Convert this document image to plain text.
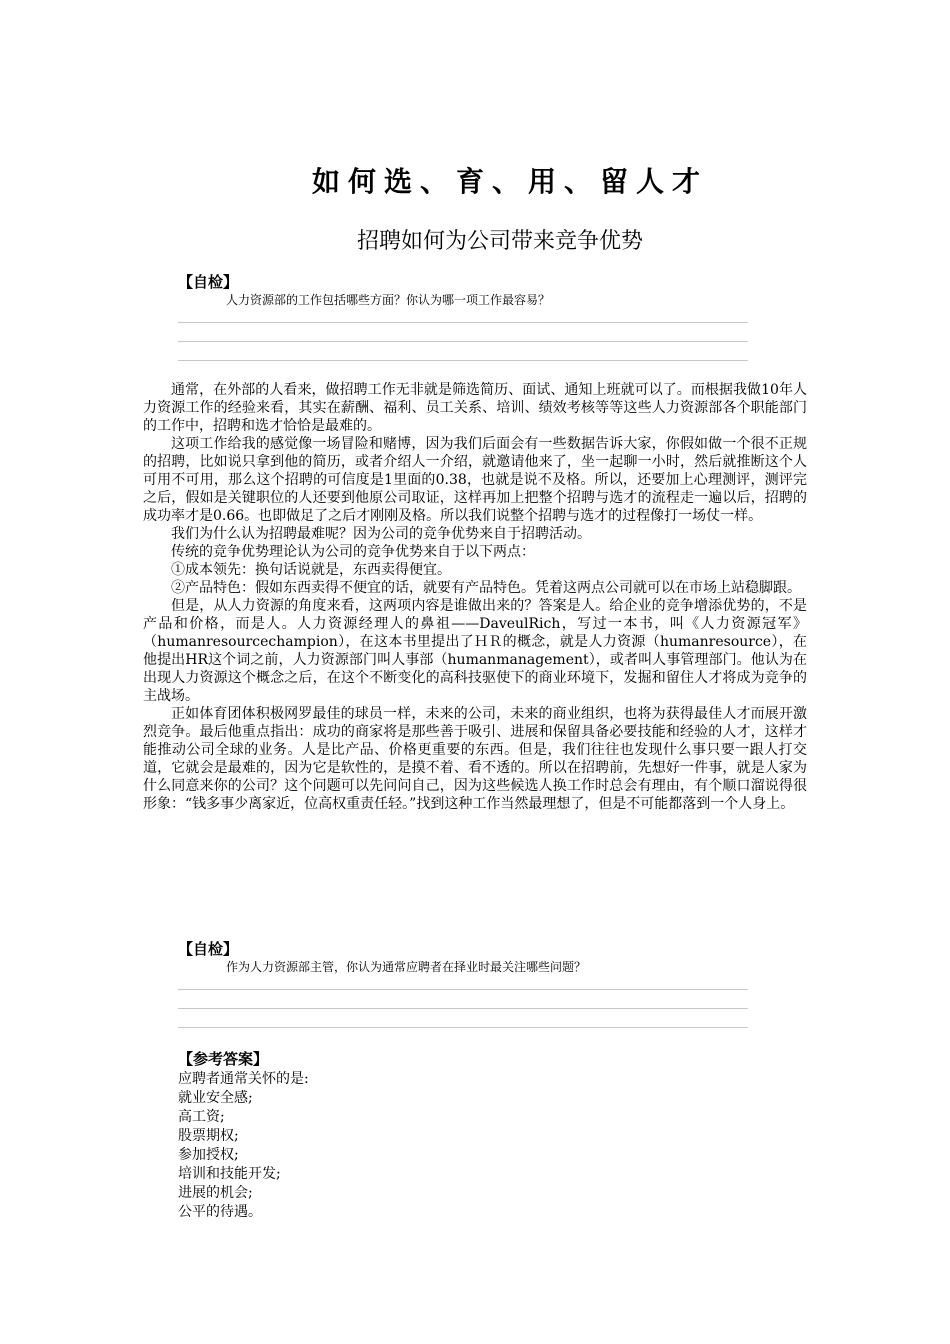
如何选、育、用、留人才
招聘如何为公司带来竞争优势
【自检】
人力资源部的工作包括哪些方面？你认为哪一项工作最容易？

通常，在外部的人看来，做招聘工作无非就是筛选简历、面试、通知上班就可以了。而根据我做10年人力资源工作的经验来看，其实在薪酬、福利、员工关系、培训、绩效考核等等这些人力资源部各个职能部门的工作中，招聘和选才恰恰是最难的。

这项工作给我的感觉像一场冒险和赌博，因为我们后面会有一些数据告诉大家，你假如做一个很不正规的招聘，比如说只拿到他的简历，或者介绍人一介绍，就邀请他来了，坐一起聊一小时，然后就推断这个人可用不可用，那么这个招聘的可信度是1里面的0.38，也就是说不及格。所以，还要加上心理测评，测评完之后，假如是关键职位的人还要到他原公司取证，这样再加上把整个招聘与选才的流程走一遍以后，招聘的成功率才是0.66。也即做足了之后才刚刚及格。所以我们说整个招聘与选才的过程像打一场仗一样。

我们为什么认为招聘最难呢？因为公司的竞争优势来自于招聘活动。

传统的竞争优势理论认为公司的竞争优势来自于以下两点：

①成本领先：换句话说就是，东西卖得便宜。

②产品特色：假如东西卖得不便宜的话，就要有产品特色。凭着这两点公司就可以在市场上站稳脚跟。

但是，从人力资源的角度来看，这两项内容是谁做出来的？答案是人。给企业的竞争增添优势的，不是产品和价格，而是人。人力资源经理人的鼻祖——DaveulRich，写过一本书，叫《人力资源冠军》（humanresourcechampion），在这本书里提出了ＨＲ的概念，就是人力资源（humanresource），在他提出HR这个词之前，人力资源部门叫人事部（humanmanagement），或者叫人事管理部门。他认为在出现人力资源这个概念之后，在这个不断变化的高科技驱使下的商业环境下，发掘和留住人才将成为竞争的主战场。

正如体育团体积极网罗最佳的球员一样，未来的公司，未来的商业组织，也将为获得最佳人才而展开激烈竞争。最后他重点指出：成功的商家将是那些善于吸引、进展和保留具备必要技能和经验的人才，这样才能推动公司全球的业务。人是比产品、价格更重要的东西。但是，我们往往也发现什么事只要一跟人打交道，它就会是最难的，因为它是软性的，是摸不着、看不透的。所以在招聘前，先想好一件事，就是人家为什么同意来你的公司？这个问题可以先问问自己，因为这些候选人换工作时总会有理由，有个顺口溜说得很形象：“钱多事少离家近，位高权重责任轻。”找到这种工作当然最理想了，但是不可能都落到一个人身上。

【自检】
作为人力资源部主管，你认为通常应聘者在择业时最关注哪些问题？
【参考答案】
应聘者通常关怀的是:
就业安全感;
高工资;
股票期权;
参加授权;
培训和技能开发;
进展的机会;
公平的待遇。
